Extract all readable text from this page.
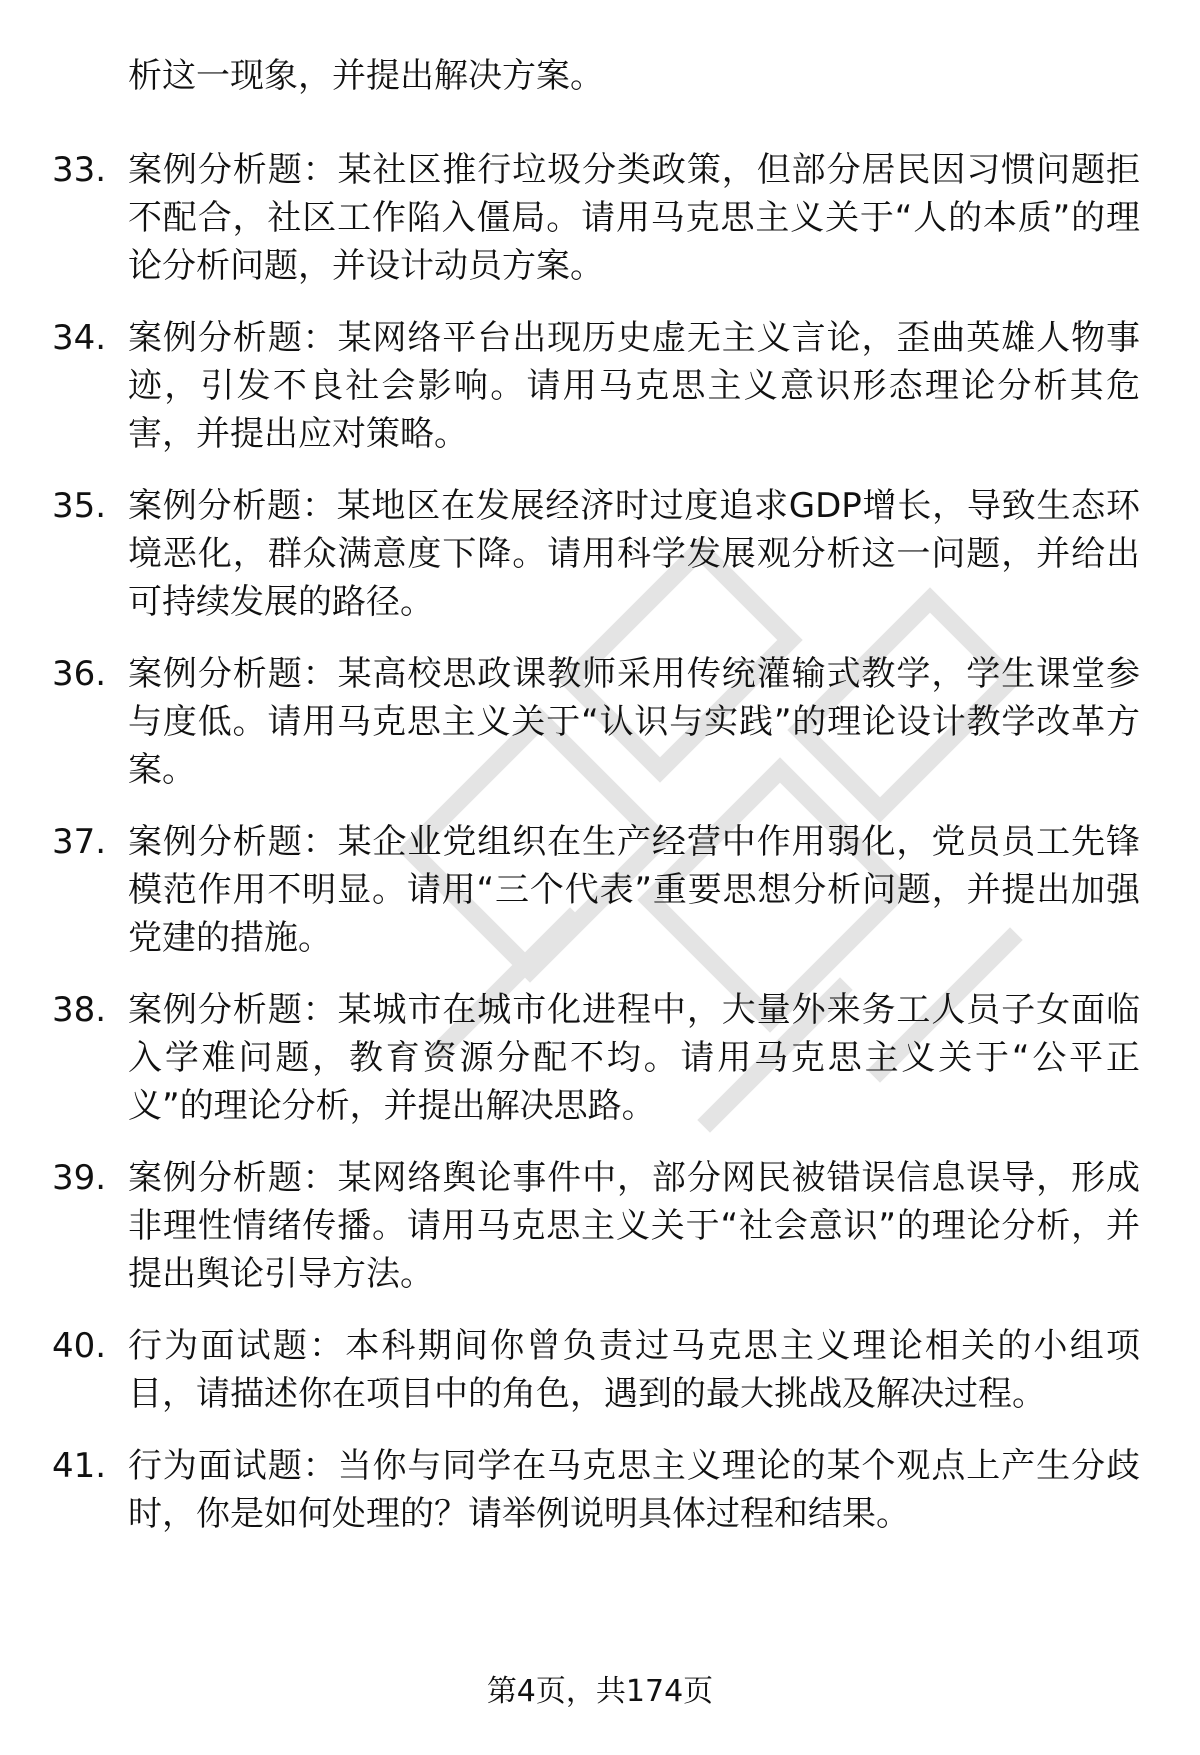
析这一现象，并提出解决方案。
33. 案例分析题：某社区推行垃圾分类政策，但部分居民因习惯问题拒不配合，社区工作陷入僵局。请用马克思主义关于“人的本质”的理论分析问题，并设计动员方案。
34. 案例分析题：某网络平台出现历史虚无主义言论，歪曲英雄人物事迹，引发不良社会影响。请用马克思主义意识形态理论分析其危害，并提出应对策略。
35. 案例分析题：某地区在发展经济时过度追求GDP增长，导致生态环境恶化，群众满意度下降。请用科学发展观分析这一问题，并给出可持续发展的路径。
36. 案例分析题：某高校思政课教师采用传统灌输式教学，学生课堂参与度低。请用马克思主义关于“认识与实践”的理论设计教学改革方案。
37. 案例分析题：某企业党组织在生产经营中作用弱化，党员员工先锋模范作用不明显。请用“三个代表”重要思想分析问题，并提出加强党建的措施。
38. 案例分析题：某城市在城市化进程中，大量外来务工人员子女面临入学难问题，教育资源分配不均。请用马克思主义关于“公平正义”的理论分析，并提出解决思路。
39. 案例分析题：某网络舆论事件中，部分网民被错误信息误导，形成非理性情绪传播。请用马克思主义关于“社会意识”的理论分析，并提出舆论引导方法。
40. 行为面试题：本科期间你曾负责过马克思主义理论相关的小组项目，请描述你在项目中的角色，遇到的最大挑战及解决过程。
41. 行为面试题：当你与同学在马克思主义理论的某个观点上产生分歧时，你是如何处理的？请举例说明具体过程和结果。
第4页，共174页
